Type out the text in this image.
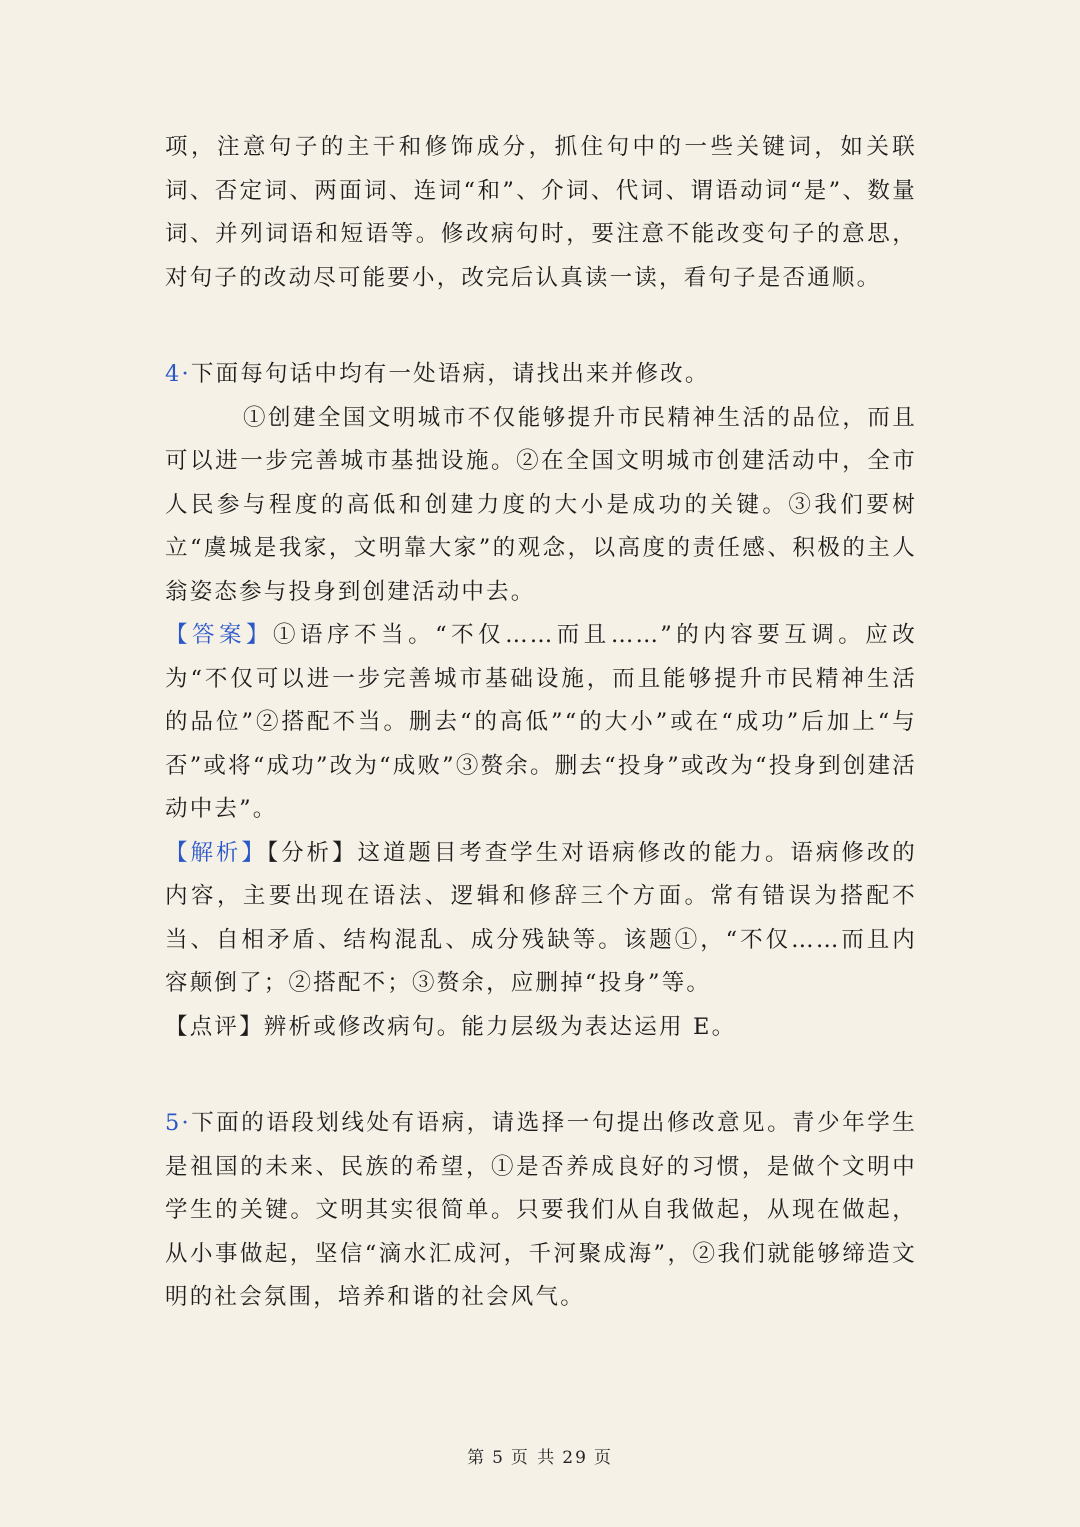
项，注意句子的主干和修饰成分，抓住句中的一些关键词，如关联词、否定词、两面词、连词“和”、介词、代词、谓语动词“是”、数量词、并列词语和短语等。修改病句时，要注意不能改变句子的意思，对句子的改动尽可能要小，改完后认真读一读，看句子是否通顺。

4·下面每句话中均有一处语病，请找出来并修改。

①创建全国文明城市不仅能够提升市民精神生活的品位，而且可以进一步完善城市基拙设施。②在全国文明城市创建活动中，全市人民参与程度的高低和创建力度的大小是成功的关键。③我们要树立“虞城是我家，文明靠大家”的观念，以高度的责任感、积极的主人翁姿态参与投身到创建活动中去。

【答案】①语序不当。“不仅……而且……”的内容要互调。应改为“不仅可以进一步完善城市基础设施，而且能够提升市民精神生活的品位”②搭配不当。删去“的高低”“的大小”或在“成功”后加上“与否”或将“成功”改为“成败”③赘余。删去“投身”或改为“投身到创建活动中去”。

【解析】【分析】这道题目考查学生对语病修改的能力。语病修改的内容，主要出现在语法、逻辑和修辞三个方面。常有错误为搭配不当、自相矛盾、结构混乱、成分残缺等。该题①，“不仅……而且内容颠倒了；②搭配不；③赘余，应删掉“投身”等。

【点评】辨析或修改病句。能力层级为表达运用 E。

5·下面的语段划线处有语病，请选择一句提出修改意见。青少年学生是祖国的未来、民族的希望，①是否养成良好的习惯，是做个文明中学生的关键。文明其实很简单。只要我们从自我做起，从现在做起，从小事做起，坚信“滴水汇成河，千河聚成海”，②我们就能够缔造文明的社会氛围，培养和谐的社会风气。

第 5 页 共 29 页
